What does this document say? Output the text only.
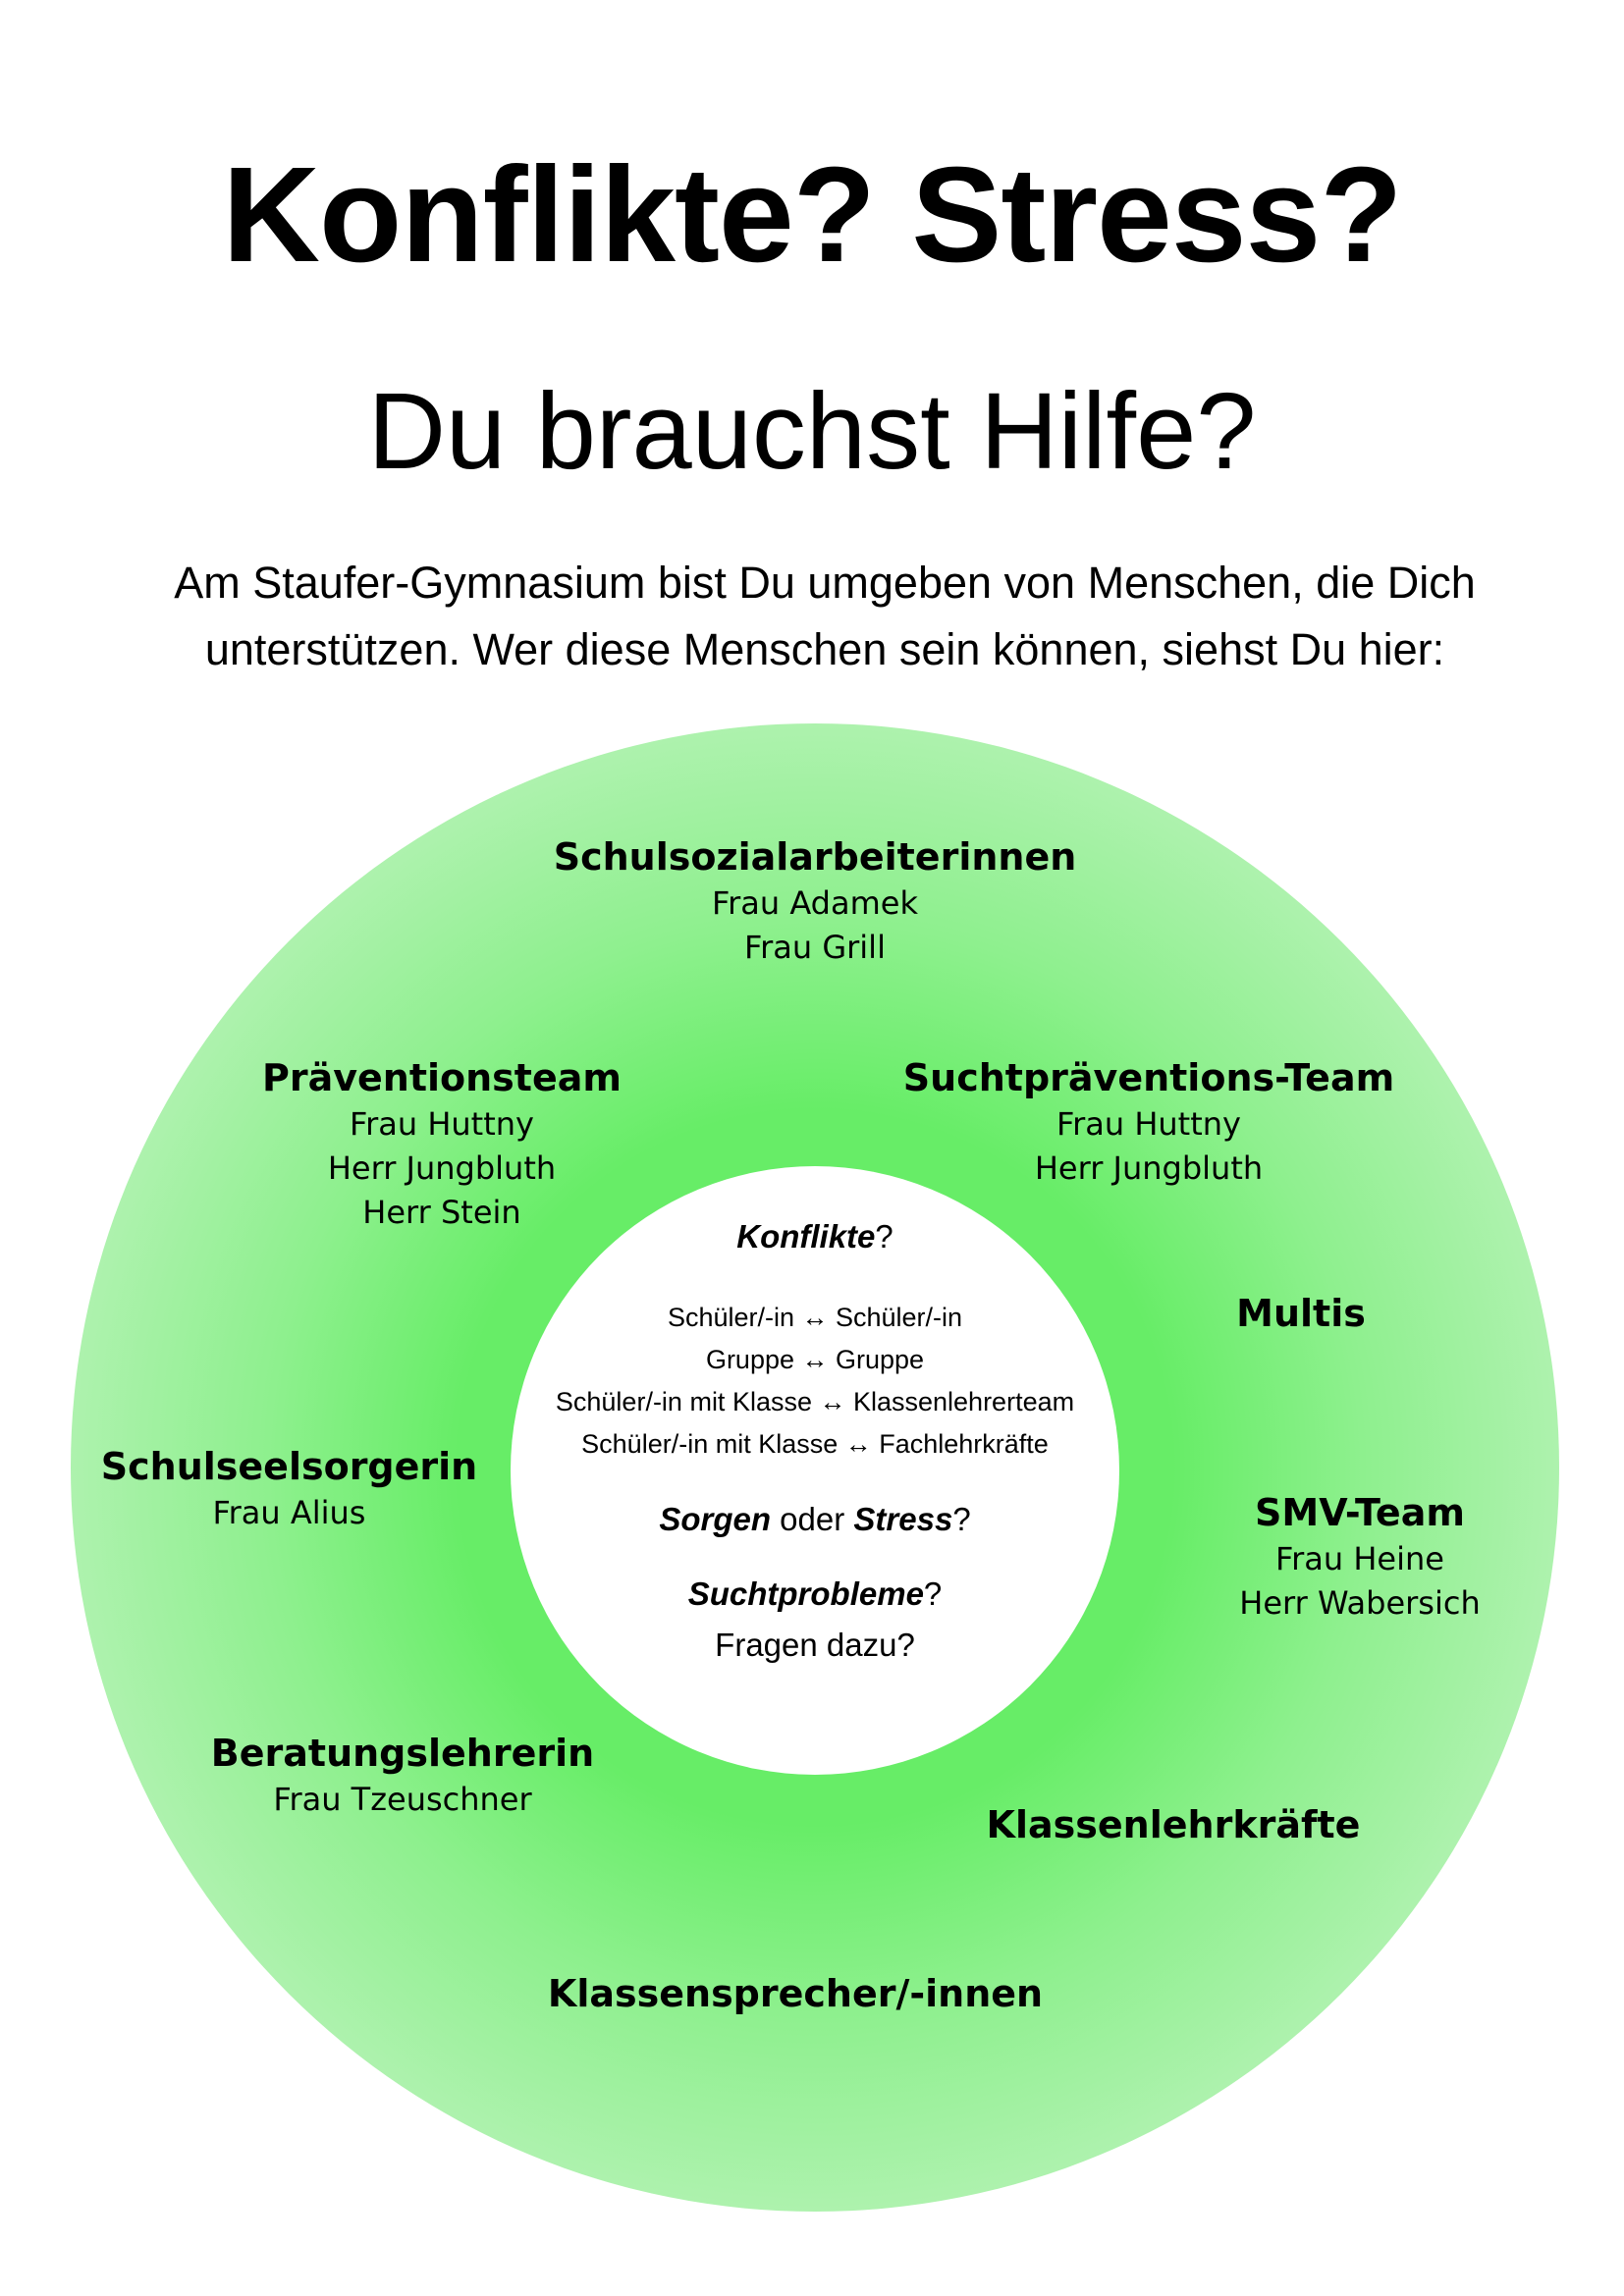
Konflikte? Stress?
Du brauchst Hilfe?
Am Staufer-Gymnasium bist Du umgeben von Menschen, die Dich
unterstützen. Wer diese Menschen sein können, siehst Du hier:
Schulsozialarbeiterinnen
Frau Adamek
Frau Grill
Präventionsteam
Frau Huttny
Herr Jungbluth
Herr Stein
Suchtpräventions-Team
Frau Huttny
Herr Jungbluth
Multis
Schulseelsorgerin
Frau Alius	SMV-Team
Frau Heine
Herr Wabersich
Beratungslehrerin
Frau Tzeuschner
Klassenlehrkräfte
Klassensprecher/-innen
Konflikte?
Schüler/-in ↔ Schüler/-in
Gruppe ↔ Gruppe
Schüler/-in mit Klasse ↔ Klassenlehrerteam
Schüler/-in mit Klasse ↔ Fachlehrkräfte
Sorgen oder Stress?
Suchtprobleme?
Fragen dazu?
